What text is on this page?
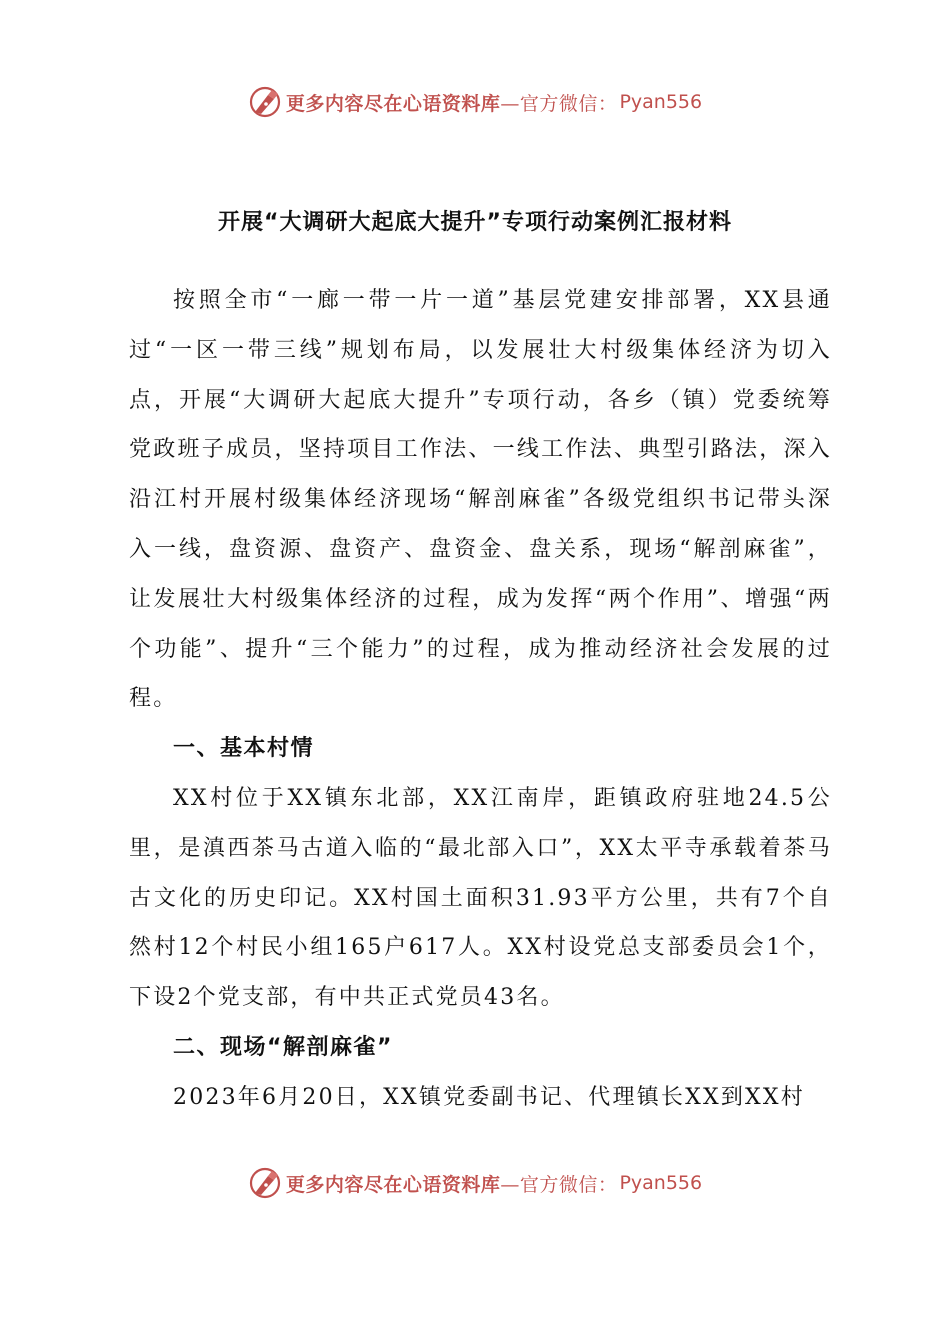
更多内容尽在心语资料库—官方微信： Pyan556
开展“大调研大起底大提升”专项行动案例汇报材料

按照全市“一廊一带一片一道”基层党建安排部署，XX县通过“一区一带三线”规划布局，以发展壮大村级集体经济为切入点，开展“大调研大起底大提升”专项行动，各乡（镇）党委统筹党政班子成员，坚持项目工作法、一线工作法、典型引路法，深入沿江村开展村级集体经济现场“解剖麻雀”各级党组织书记带头深入一线，盘资源、盘资产、盘资金、盘关系，现场“解剖麻雀”，让发展壮大村级集体经济的过程，成为发挥“两个作用”、增强“两个功能”、提升“三个能力”的过程，成为推动经济社会发展的过程。

一、基本村情

XX村位于XX镇东北部，XX江南岸，距镇政府驻地24.5公里，是滇西茶马古道入临的“最北部入口”，XX太平寺承载着茶马古文化的历史印记。XX村国土面积31.93平方公里，共有7个自然村12个村民小组165户617人。XX村设党总支部委员会1个，下设2个党支部，有中共正式党员43名。

二、现场“解剖麻雀”

2023年6月20日，XX镇党委副书记、代理镇长XX到XX村

更多内容尽在心语资料库—官方微信： Pyan556
